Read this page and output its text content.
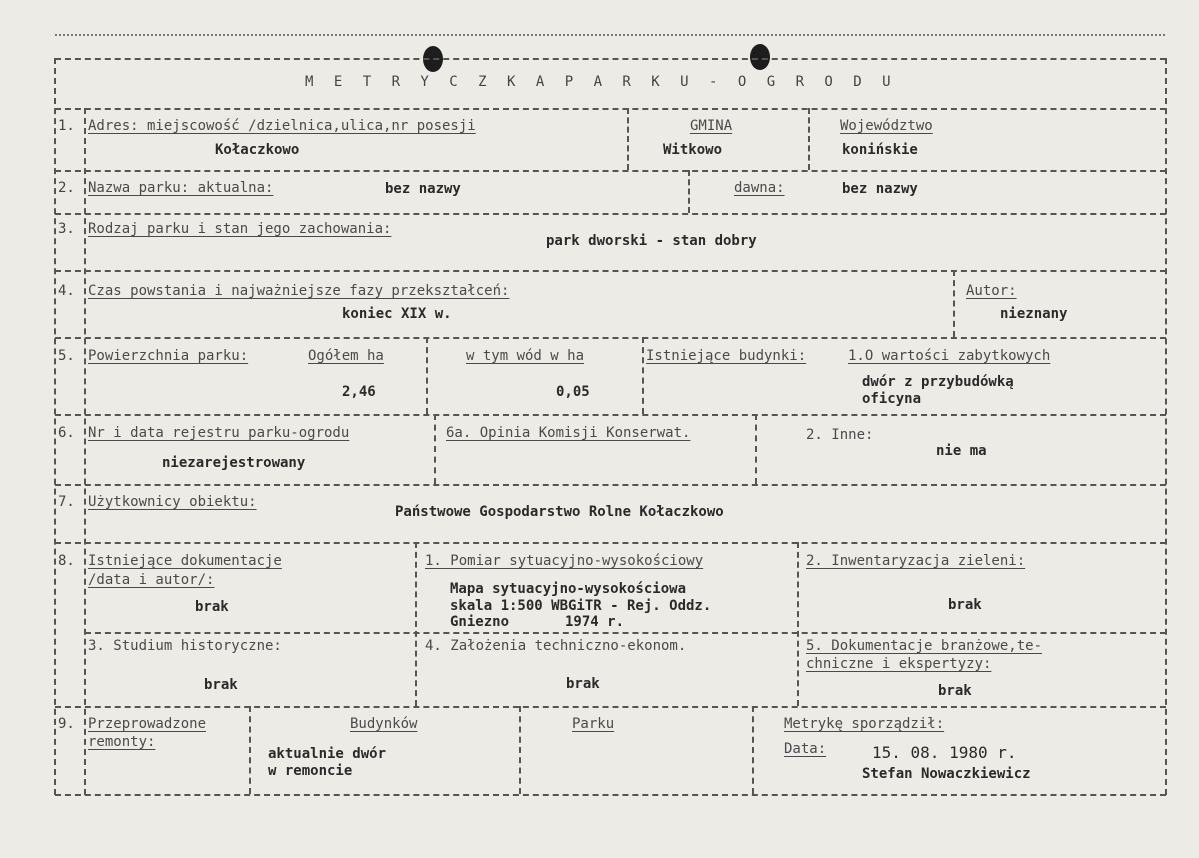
M E T R Y C Z K A P A R K U - O G R O D U
1. Adres: miejscowość /dzielnica,ulica,nr posesji
Kołaczkowo
GMINA
Witkowo
Województwo
konińskie
2. Nazwa parku: aktualna:	bez nazwy	dawna:	bez nazwy
3. Rodzaj parku i stan jego zachowania:
park dworski - stan dobry
4. Czas powstania i najważniejsze fazy przekształceń:
koniec XIX w.
Autor:
nieznany
5. Powierzchnia parku:	Ogółem ha
2,46
w tym wód w ha
0,05
Istniejące budynki:	1.O wartości zabytkowych
dwór z przybudówką
oficyna
6. Nr i data rejestru parku-ogrodu
niezarejestrowany
6a. Opinia Komisji Konserwat.	2. Inne:
nie ma
7. Użytkownicy obiektu:
Państwowe Gospodarstwo Rolne Kołaczkowo
8. Istniejące dokumentacje
/data i autor/:
brak
1. Pomiar sytuacyjno-wysokościowy
Mapa sytuacyjno-wysokościowa
skala 1:500 WBGiTR - Rej. Oddz.
Gniezno	1974 r.
2. Inwentaryzacja zieleni:
brak
3. Studium historyczne:
brak
4. Założenia techniczno-ekonom.
brak
5. Dokumentacje branżowe,te-
chniczne i ekspertyzy:
brak
9. Przeprowadzone
remonty:
Budynków
aktualnie dwór
w remoncie
Parku	Metrykę sporządził:
Data:	15. 08. 1980 r.
Stefan Nowaczkiewicz
